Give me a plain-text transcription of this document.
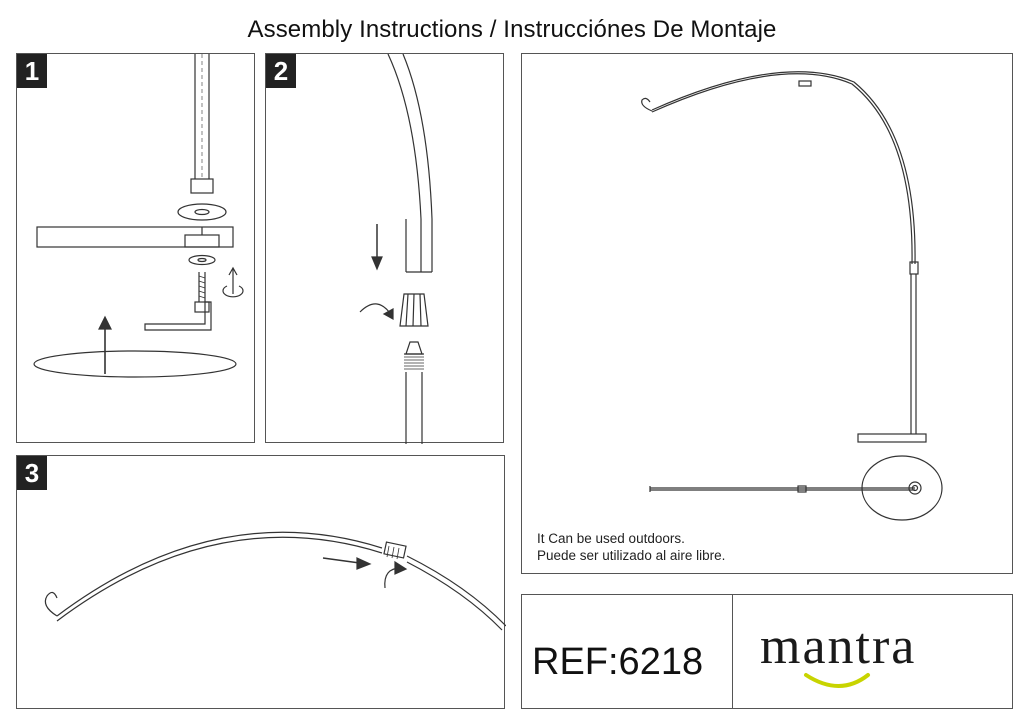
Assembly Instructions / Instrucciónes De Montaje
1	2
3
It Can be used outdoors.
Puede ser utilizado al aire libre.
REF:6218 mantra
